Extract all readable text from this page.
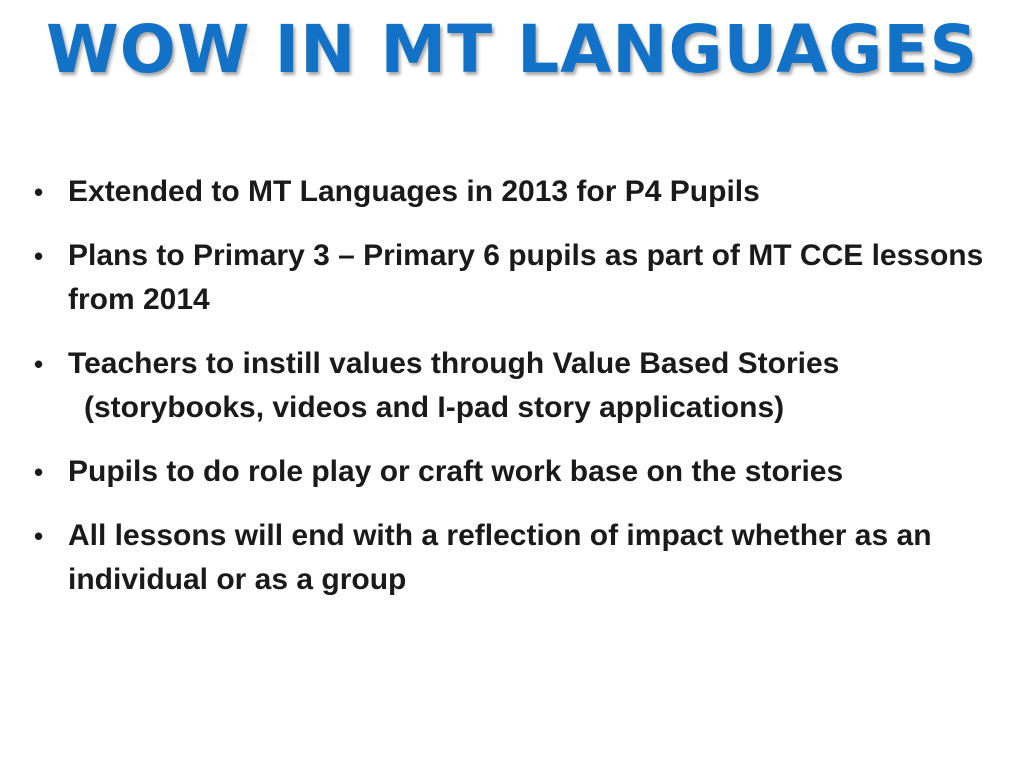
WOW IN MT LANGUAGES
• Extended to MT Languages in 2013 for P4 Pupils
• Plans to Primary 3 – Primary 6 pupils as part of MT CCE lessons from 2014
• Teachers to instill values through Value Based Stories
(storybooks, videos and I-pad story applications)
• Pupils to do role play or craft work base on the stories
• All lessons will end with a reflection of impact whether as an individual or as a group
